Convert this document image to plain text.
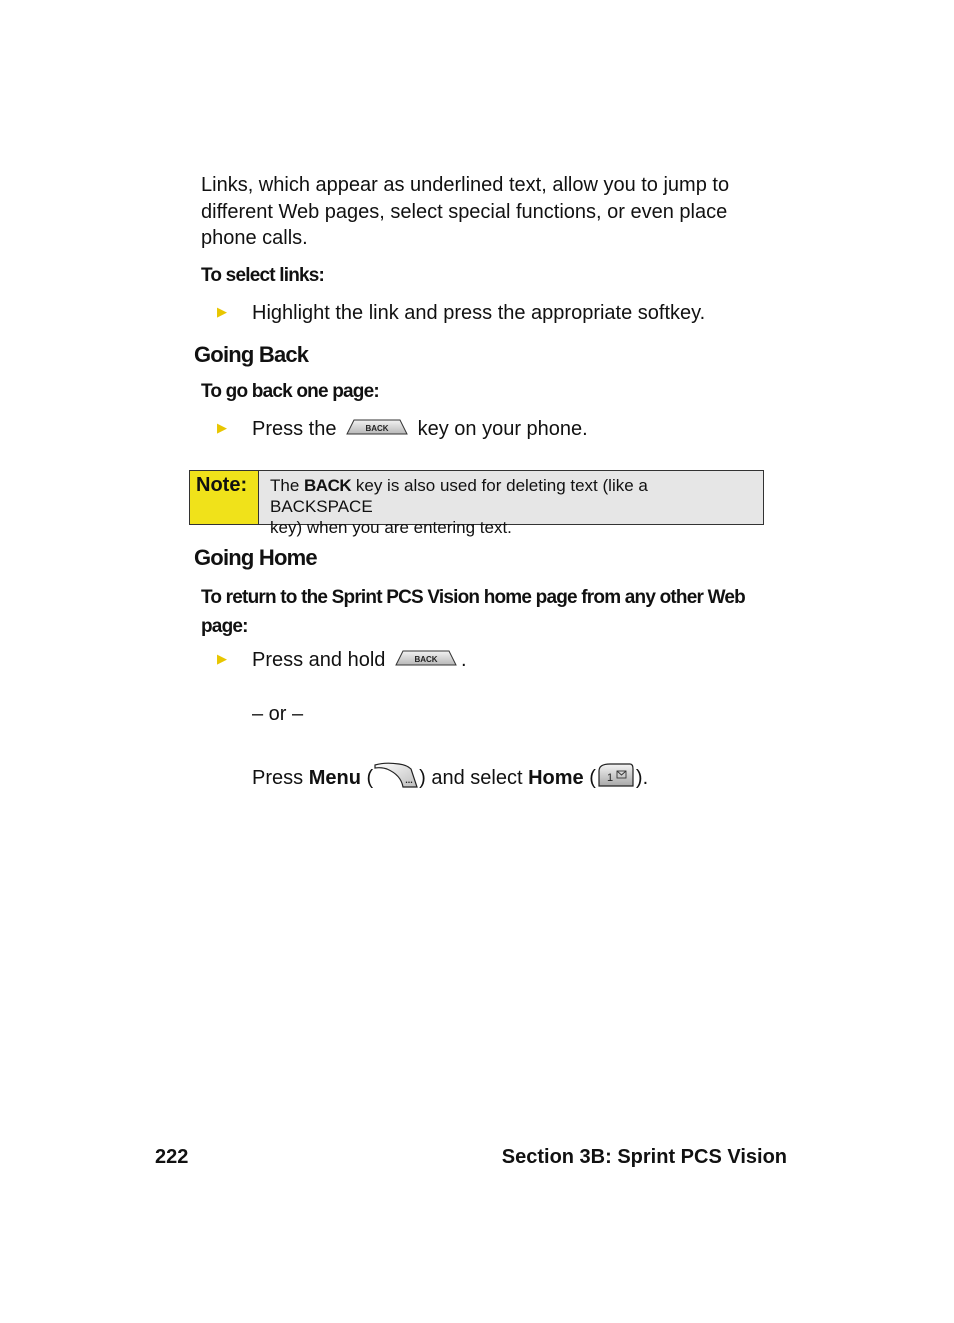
Links, which appear as underlined text, allow you to jump to
different Web pages, select special functions, or even place
phone calls.
To select links:
▶ Highlight the link and press the appropriate softkey.
Going Back
To go back one page:
▶ Press the	BACK key on your phone.
Note:	The BACK key is also used for deleting text (like a BACKSPACE
key) when you are entering text.
Going Home
To return to the Sprint PCS Vision home page from any other Web
page:
▶ Press and hold	BACK .
– or –
Press Menu (	... ) and select Home ( 1 ).
222	Section 3B: Sprint PCS Vision
